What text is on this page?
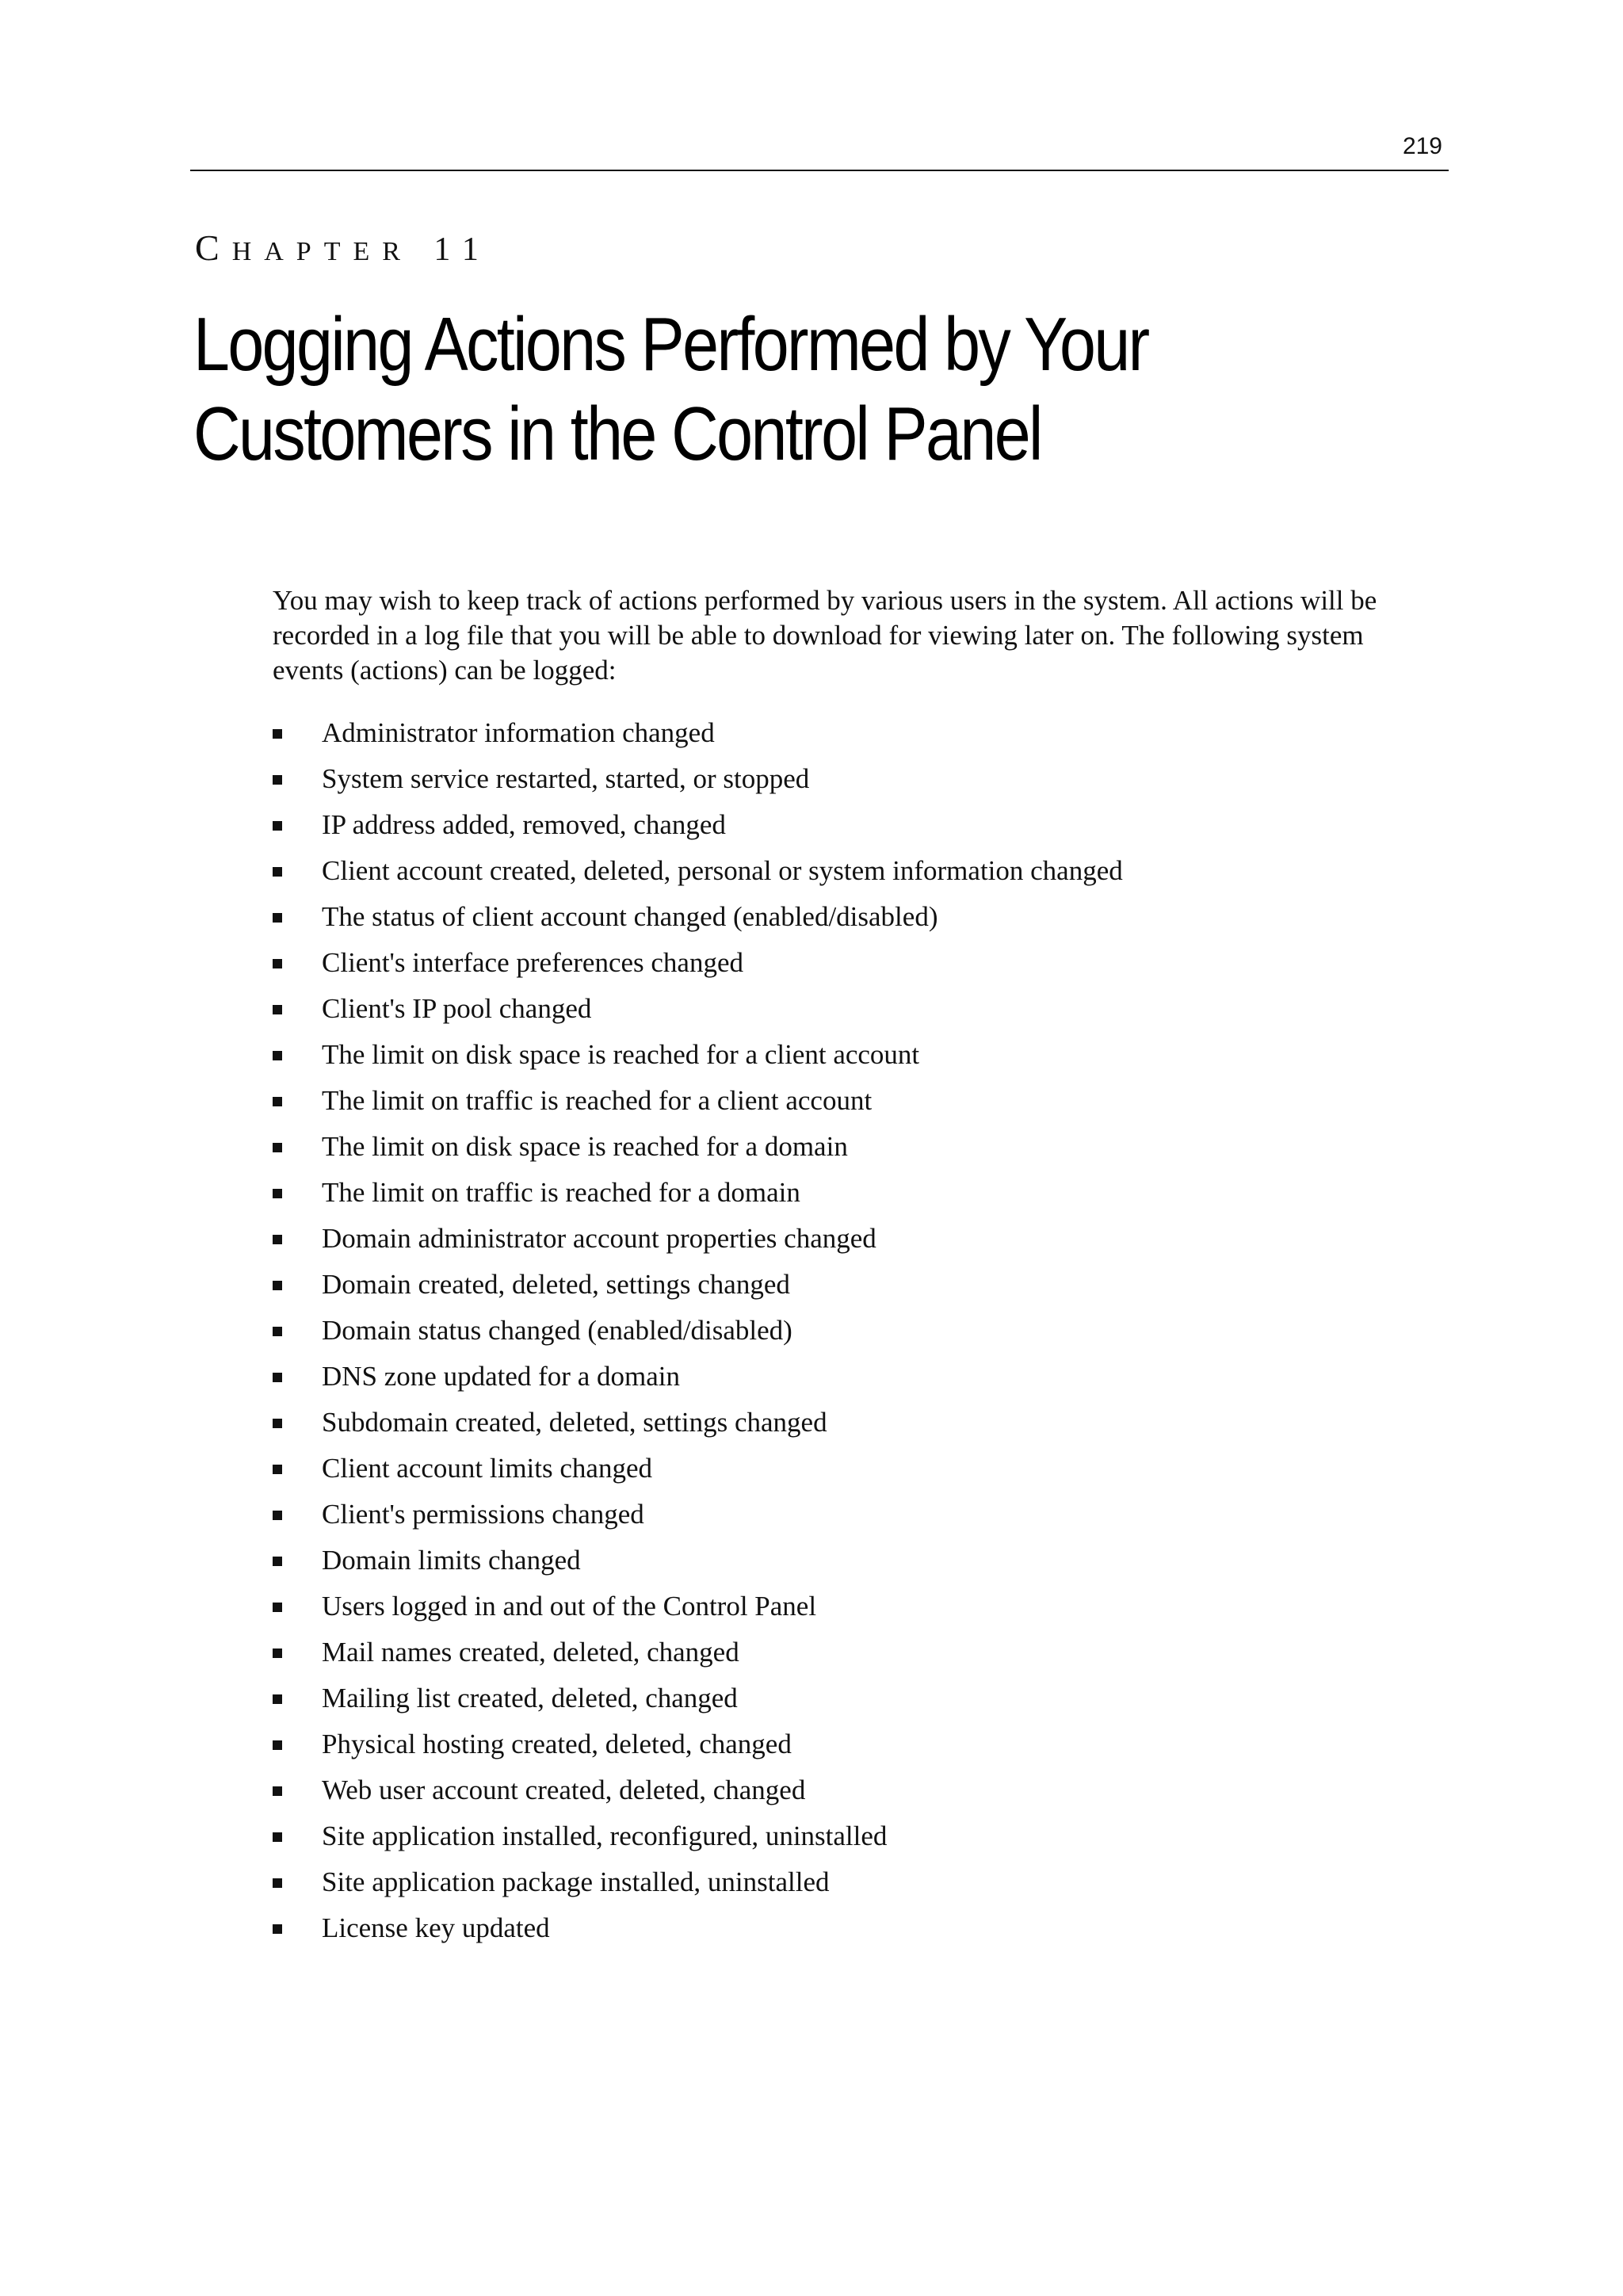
219
CHAPTER 11
Logging Actions Performed by Your
Customers in the Control Panel

You may wish to keep track of actions performed by various users in the system. All actions will be recorded in a log file that you will be able to download for viewing later on. The following system events (actions) can be logged:

Administrator information changed
System service restarted, started, or stopped
IP address added, removed, changed
Client account created, deleted, personal or system information changed
The status of client account changed (enabled/disabled)
Client's interface preferences changed
Client's IP pool changed
The limit on disk space is reached for a client account
The limit on traffic is reached for a client account
The limit on disk space is reached for a domain
The limit on traffic is reached for a domain
Domain administrator account properties changed
Domain created, deleted, settings changed
Domain status changed (enabled/disabled)
DNS zone updated for a domain
Subdomain created, deleted, settings changed
Client account limits changed
Client's permissions changed
Domain limits changed
Users logged in and out of the Control Panel
Mail names created, deleted, changed
Mailing list created, deleted, changed
Physical hosting created, deleted, changed
Web user account created, deleted, changed
Site application installed, reconfigured, uninstalled
Site application package installed, uninstalled
License key updated
